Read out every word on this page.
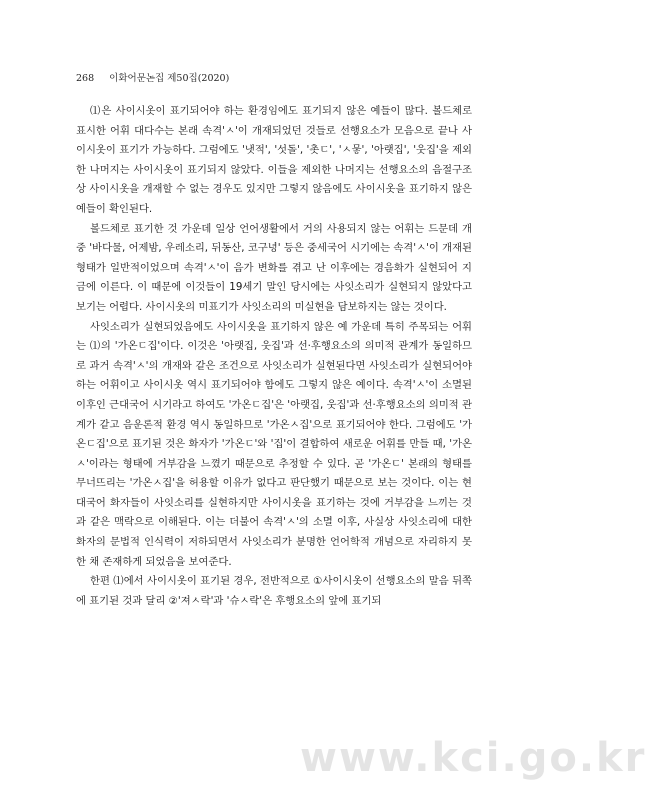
268 이화어문논집 제50집(2020)

⑴은 사이시옷이 표기되어야 하는 환경임에도 표기되지 않은 예들이 많다. 볼드체로 표시한 어휘 대다수는 본래 속격'ㅅ'이 개재되었던 것들로 선행요소가 모음으로 끝나 사이시옷이 표기가 가능하다. 그럼에도 '냇적', '섯돌', '촛ㄷ', 'ㅅ뭏', '아랫집', '웃집'을 제외한 나머지는 사이시옷이 표기되지 않았다. 이들을 제외한 나머지는 선행요소의 음절구조상 사이시옷을 개재할 수 없는 경우도 있지만 그렇지 않음에도 사이시옷을 표기하지 않은 예들이 확인된다.

볼드체로 표기한 것 가운데 일상 언어생활에서 거의 사용되지 않는 어휘는 드문데 개중 '바다물, 어제밤, 우레소리, 뒤동산, 코구녕' 등은 중세국어 시기에는 속격'ㅅ'이 개재된 형태가 일반적이었으며 속격'ㅅ'이 음가 변화를 겪고 난 이후에는 경음화가 실현되어 지금에 이른다. 이 때문에 이것들이 19세기 말인 당시에는 사잇소리가 실현되지 않았다고 보기는 어렵다. 사이시옷의 미표기가 사잇소리의 미실현을 담보하지는 않는 것이다.

사잇소리가 실현되었음에도 사이시옷을 표기하지 않은 예 가운데 특히 주목되는 어휘는 ⑴의 '가온ㄷ집'이다. 이것은 '아랫집, 웃집'과 선·후행요소의 의미적 관계가 동일하므로 과거 속격'ㅅ'의 개재와 같은 조건으로 사잇소리가 실현된다면 사잇소리가 실현되어야 하는 어휘이고 사이시옷 역시 표기되어야 함에도 그렇지 않은 예이다. 속격'ㅅ'이 소멸된 이후인 근대국어 시기라고 하여도 '가온ㄷ집'은 '아랫집, 웃집'과 선·후행요소의 의미적 관계가 같고 음운론적 환경 역시 동일하므로 '가온ㅅ집'으로 표기되어야 한다. 그럼에도 '가온ㄷ집'으로 표기된 것은 화자가 '가온ㄷ'와 '집'이 결합하여 새로운 어휘를 만들 때, '가온ㅅ'이라는 형태에 거부감을 느꼈기 때문으로 추정할 수 있다. 곧 '가온ㄷ' 본래의 형태를 무너뜨리는 '가온ㅅ집'을 허용할 이유가 없다고 판단했기 때문으로 보는 것이다. 이는 현대국어 화자들이 사잇소리를 실현하지만 사이시옷을 표기하는 것에 거부감을 느끼는 것과 같은 맥락으로 이해된다. 이는 더불어 속격'ㅅ'의 소멸 이후, 사실상 사잇소리에 대한 화자의 문법적 인식력이 저하되면서 사잇소리가 분명한 언어학적 개념으로 자리하지 못한 채 존재하게 되었음을 보여준다.

한편 ⑴에서 사이시옷이 표기된 경우, 전반적으로 ①사이시옷이 선행요소의 말음 뒤쪽에 표기된 것과 달리 ②'져ㅅ락'과 '슈ㅅ락'은 후행요소의 앞에 표기되

www.kci.go.kr
